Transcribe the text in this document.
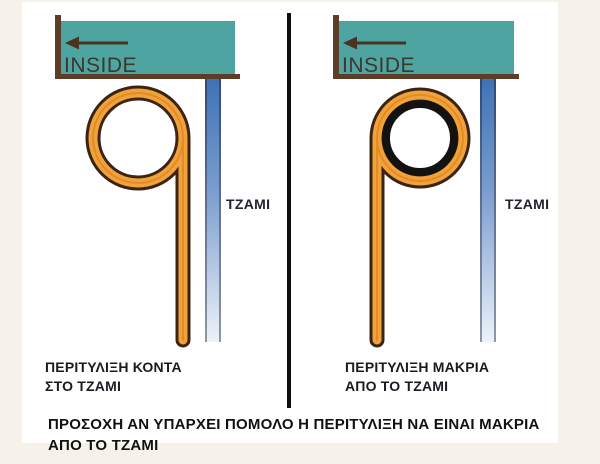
INSIDE
ΤΖΑΜΙ
INSIDE
ΤΖΑΜΙ
ΠΕΡΙΤΥΛΙΞΗ ΚΟΝΤΑ
ΣΤΟ ΤΖΑΜΙ
ΠΕΡΙΤΥΛΙΞΗ ΜΑΚΡΙΑ
ΑΠΟ ΤΟ ΤΖΑΜΙ
ΠΡΟΣΟΧΗ ΑΝ ΥΠΑΡΧΕΙ ΠΟΜΟΛΟ Η ΠΕΡΙΤΥΛΙΞΗ ΝΑ ΕΙΝΑΙ ΜΑΚΡΙΑ
ΑΠΟ ΤΟ ΤΖΑΜΙ
